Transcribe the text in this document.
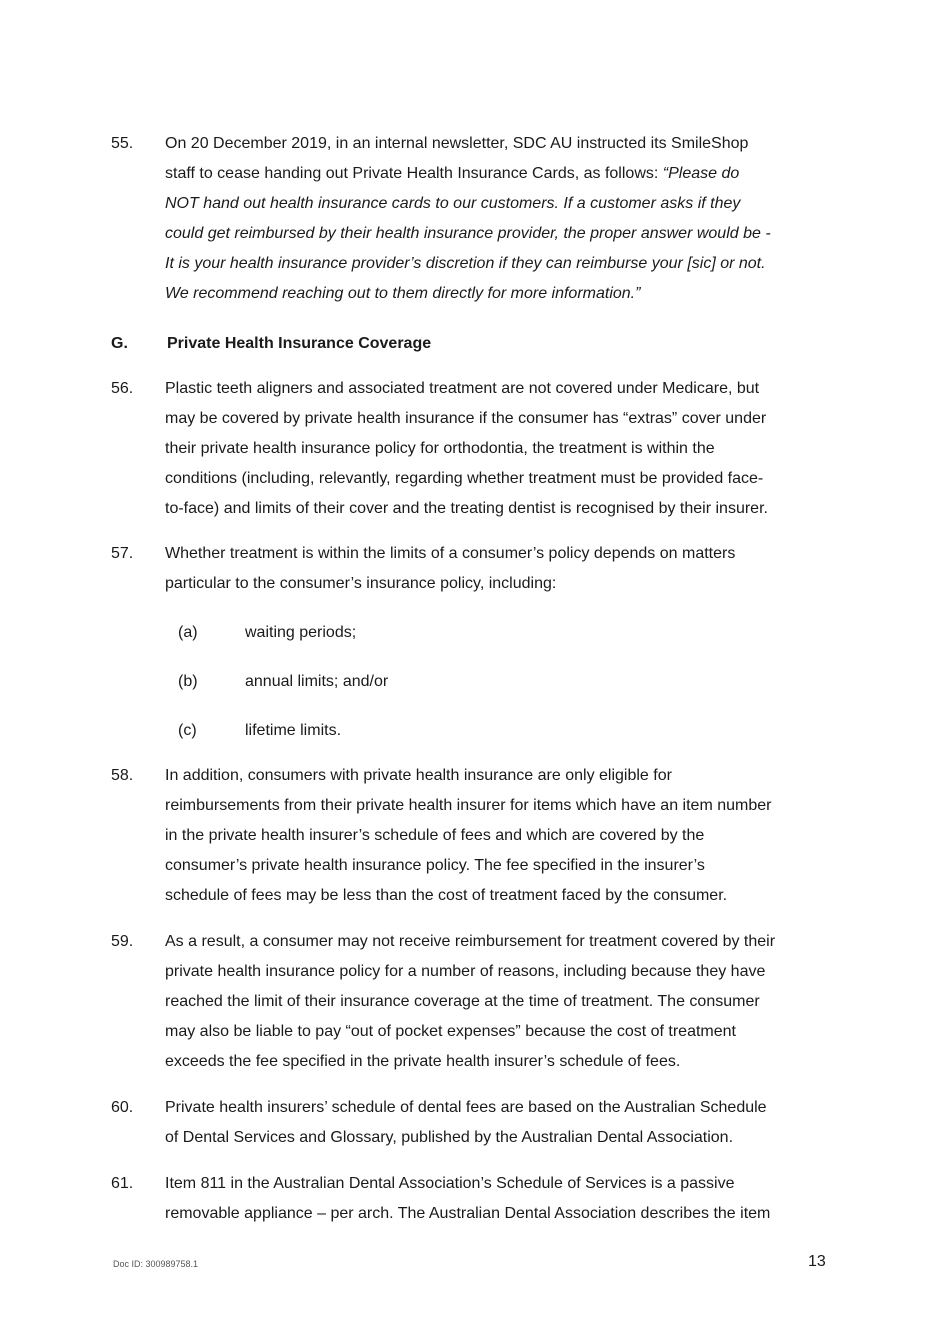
55. On 20 December 2019, in an internal newsletter, SDC AU instructed its SmileShop
staff to cease handing out Private Health Insurance Cards, as follows: “Please do
NOT hand out health insurance cards to our customers. If a customer asks if they
could get reimbursed by their health insurance provider, the proper answer would be -
It is your health insurance provider’s discretion if they can reimburse your [sic] or not.
We recommend reaching out to them directly for more information.”
G. Private Health Insurance Coverage
56. Plastic teeth aligners and associated treatment are not covered under Medicare, but
may be covered by private health insurance if the consumer has “extras” cover under
their private health insurance policy for orthodontia, the treatment is within the
conditions (including, relevantly, regarding whether treatment must be provided face-
to-face) and limits of their cover and the treating dentist is recognised by their insurer.
57. Whether treatment is within the limits of a consumer’s policy depends on matters
particular to the consumer’s insurance policy, including:
(a)	waiting periods;
(b)	annual limits; and/or
(c)	lifetime limits.
58. In addition, consumers with private health insurance are only eligible for
reimbursements from their private health insurer for items which have an item number
in the private health insurer’s schedule of fees and which are covered by the
consumer’s private health insurance policy. The fee specified in the insurer’s
schedule of fees may be less than the cost of treatment faced by the consumer.
59. As a result, a consumer may not receive reimbursement for treatment covered by their
private health insurance policy for a number of reasons, including because they have
reached the limit of their insurance coverage at the time of treatment. The consumer
may also be liable to pay “out of pocket expenses” because the cost of treatment
exceeds the fee specified in the private health insurer’s schedule of fees.
60. Private health insurers’ schedule of dental fees are based on the Australian Schedule
of Dental Services and Glossary, published by the Australian Dental Association.
61. Item 811 in the Australian Dental Association’s Schedule of Services is a passive
removable appliance – per arch. The Australian Dental Association describes the item
Doc ID: 300989758.1	13
